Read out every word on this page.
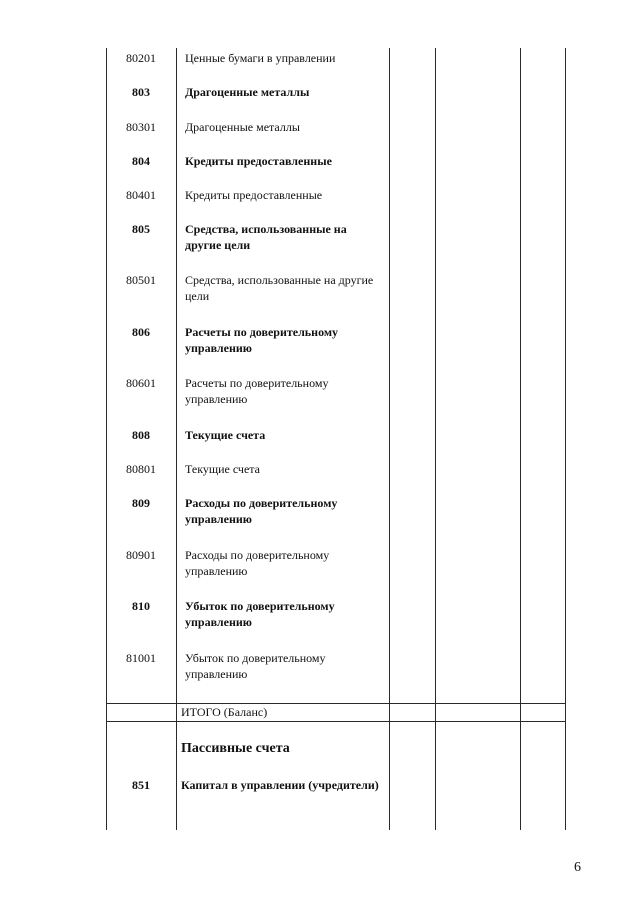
80201	Ценные бумаги в управлении
803	Драгоценные металлы
80301	Драгоценные металлы
804	Кредиты предоставленные
80401	Кредиты предоставленные
805	Средства, использованные на другие цели
80501	Средства, использованные на другие цели
806	Расчеты по доверительному управлению
80601	Расчеты по доверительному управлению
808	Текущие счета
80801	Текущие счета
809	Расходы по доверительному управлению
80901	Расходы по доверительному управлению
810	Убыток по доверительному управлению
81001	Убыток по доверительному управлению
ИТОГО (Баланс)
Пассивные счета
851	Капитал в управлении (учредители)
6
